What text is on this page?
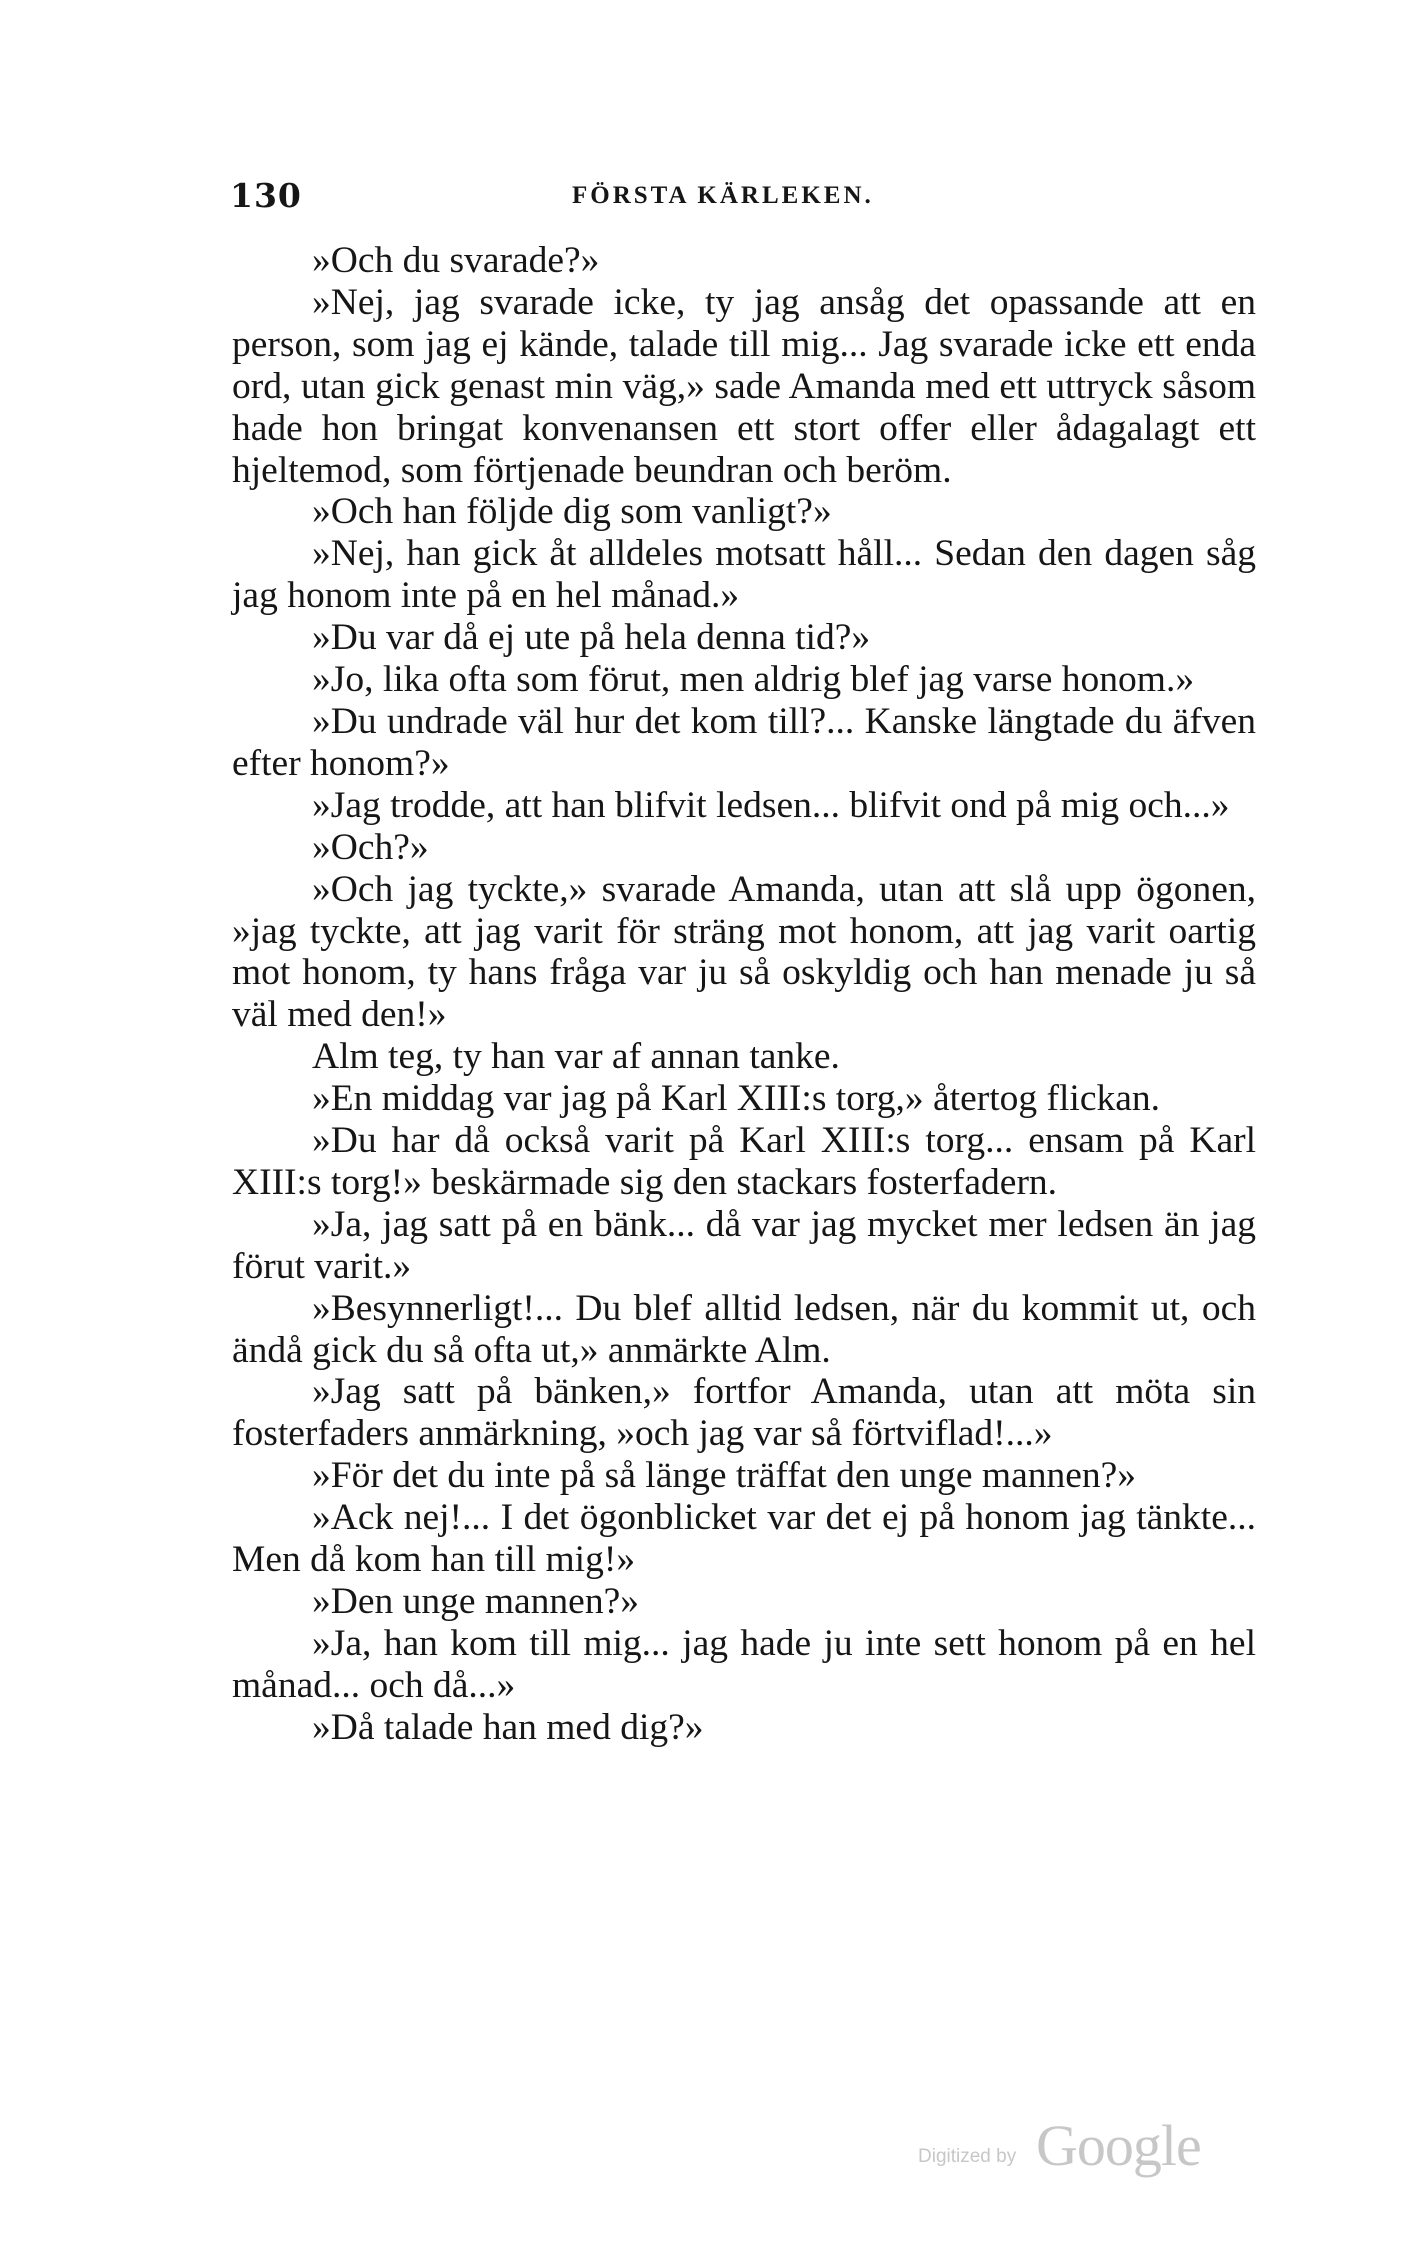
130	FÖRSTA KÄRLEKEN.

»Och du svarade?»

»Nej, jag svarade icke, ty jag ansåg det opassande att en person, som jag ej kände, talade till mig... Jag svarade icke ett enda ord, utan gick genast min väg,» sade Amanda med ett uttryck såsom hade hon bringat konvenansen ett stort offer eller ådagalagt ett hjeltemod, som förtjenade beundran och beröm.

»Och han följde dig som vanligt?»

»Nej, han gick åt alldeles motsatt håll... Sedan den dagen såg jag honom inte på en hel månad.»

»Du var då ej ute på hela denna tid?»

»Jo, lika ofta som förut, men aldrig blef jag varse honom.»

»Du undrade väl hur det kom till?... Kanske längtade du äfven efter honom?»

»Jag trodde, att han blifvit ledsen... blifvit ond på mig och...»

»Och?»

»Och jag tyckte,» svarade Amanda, utan att slå upp ögonen, »jag tyckte, att jag varit för sträng mot honom, att jag varit oartig mot honom, ty hans fråga var ju så oskyldig och han menade ju så väl med den!»

Alm teg, ty han var af annan tanke.

»En middag var jag på Karl XIII:s torg,» återtog flickan.

»Du har då också varit på Karl XIII:s torg... ensam på Karl XIII:s torg!» beskärmade sig den stackars fosterfadern.

»Ja, jag satt på en bänk... då var jag mycket mer ledsen än jag förut varit.»

»Besynnerligt!... Du blef alltid ledsen, när du kommit ut, och ändå gick du så ofta ut,» anmärkte Alm.

»Jag satt på bänken,» fortfor Amanda, utan att möta sin fosterfaders anmärkning, »och jag var så förtviflad!...»

»För det du inte på så länge träffat den unge mannen?»

»Ack nej!... I det ögonblicket var det ej på honom jag tänkte... Men då kom han till mig!»

»Den unge mannen?»

»Ja, han kom till mig... jag hade ju inte sett honom på en hel månad... och då...»

»Då talade han med dig?»

Digitized by Google
